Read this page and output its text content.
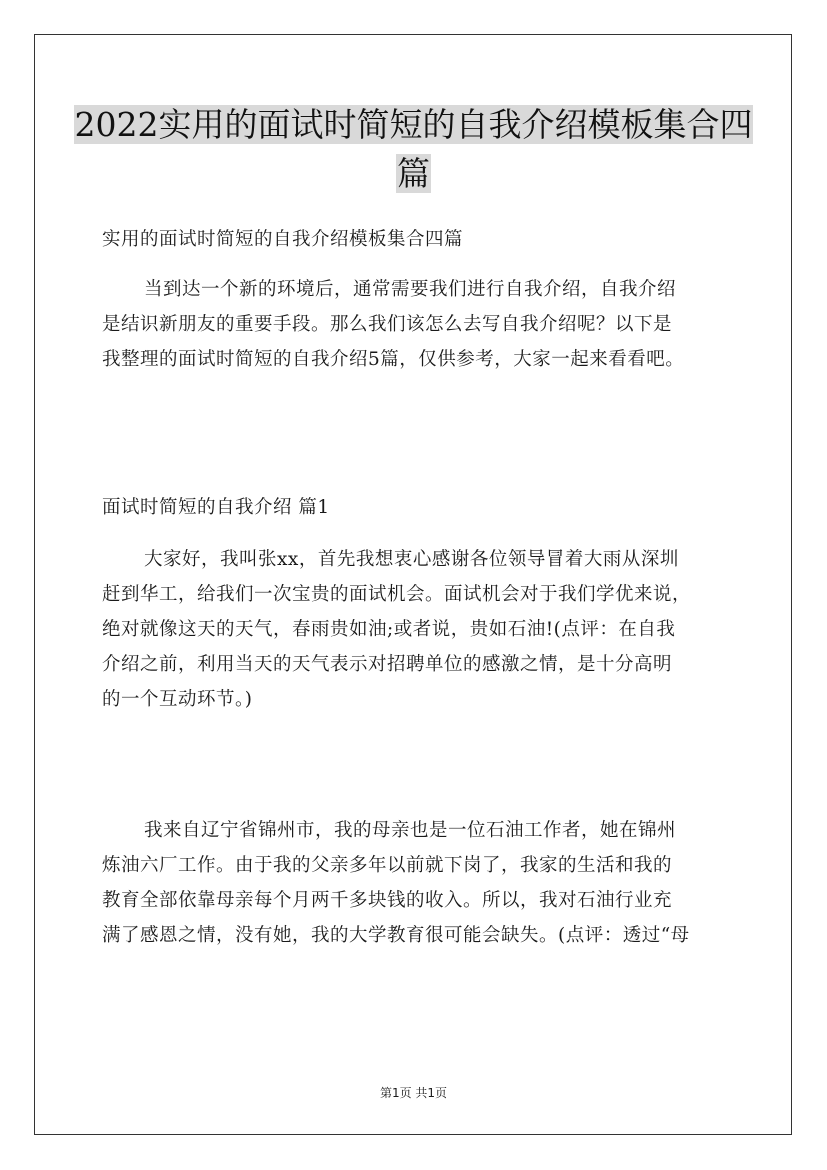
2022实用的面试时简短的自我介绍模板集合四
篇
实用的面试时简短的自我介绍模板集合四篇
当到达一个新的环境后，通常需要我们进行自我介绍，自我介绍
是结识新朋友的重要手段。那么我们该怎么去写自我介绍呢？以下是
我整理的面试时简短的自我介绍5篇，仅供参考，大家一起来看看吧。
面试时简短的自我介绍 篇1
大家好，我叫张xx，首先我想衷心感谢各位领导冒着大雨从深圳
赶到华工，给我们一次宝贵的面试机会。面试机会对于我们学优来说，
绝对就像这天的天气，春雨贵如油;或者说，贵如石油!(点评：在自我
介绍之前，利用当天的天气表示对招聘单位的感激之情，是十分高明
的一个互动环节。)
我来自辽宁省锦州市，我的母亲也是一位石油工作者，她在锦州
炼油六厂工作。由于我的父亲多年以前就下岗了，我家的生活和我的
教育全部依靠母亲每个月两千多块钱的收入。所以，我对石油行业充
满了感恩之情，没有她，我的大学教育很可能会缺失。(点评：透过“母
第1页 共1页
